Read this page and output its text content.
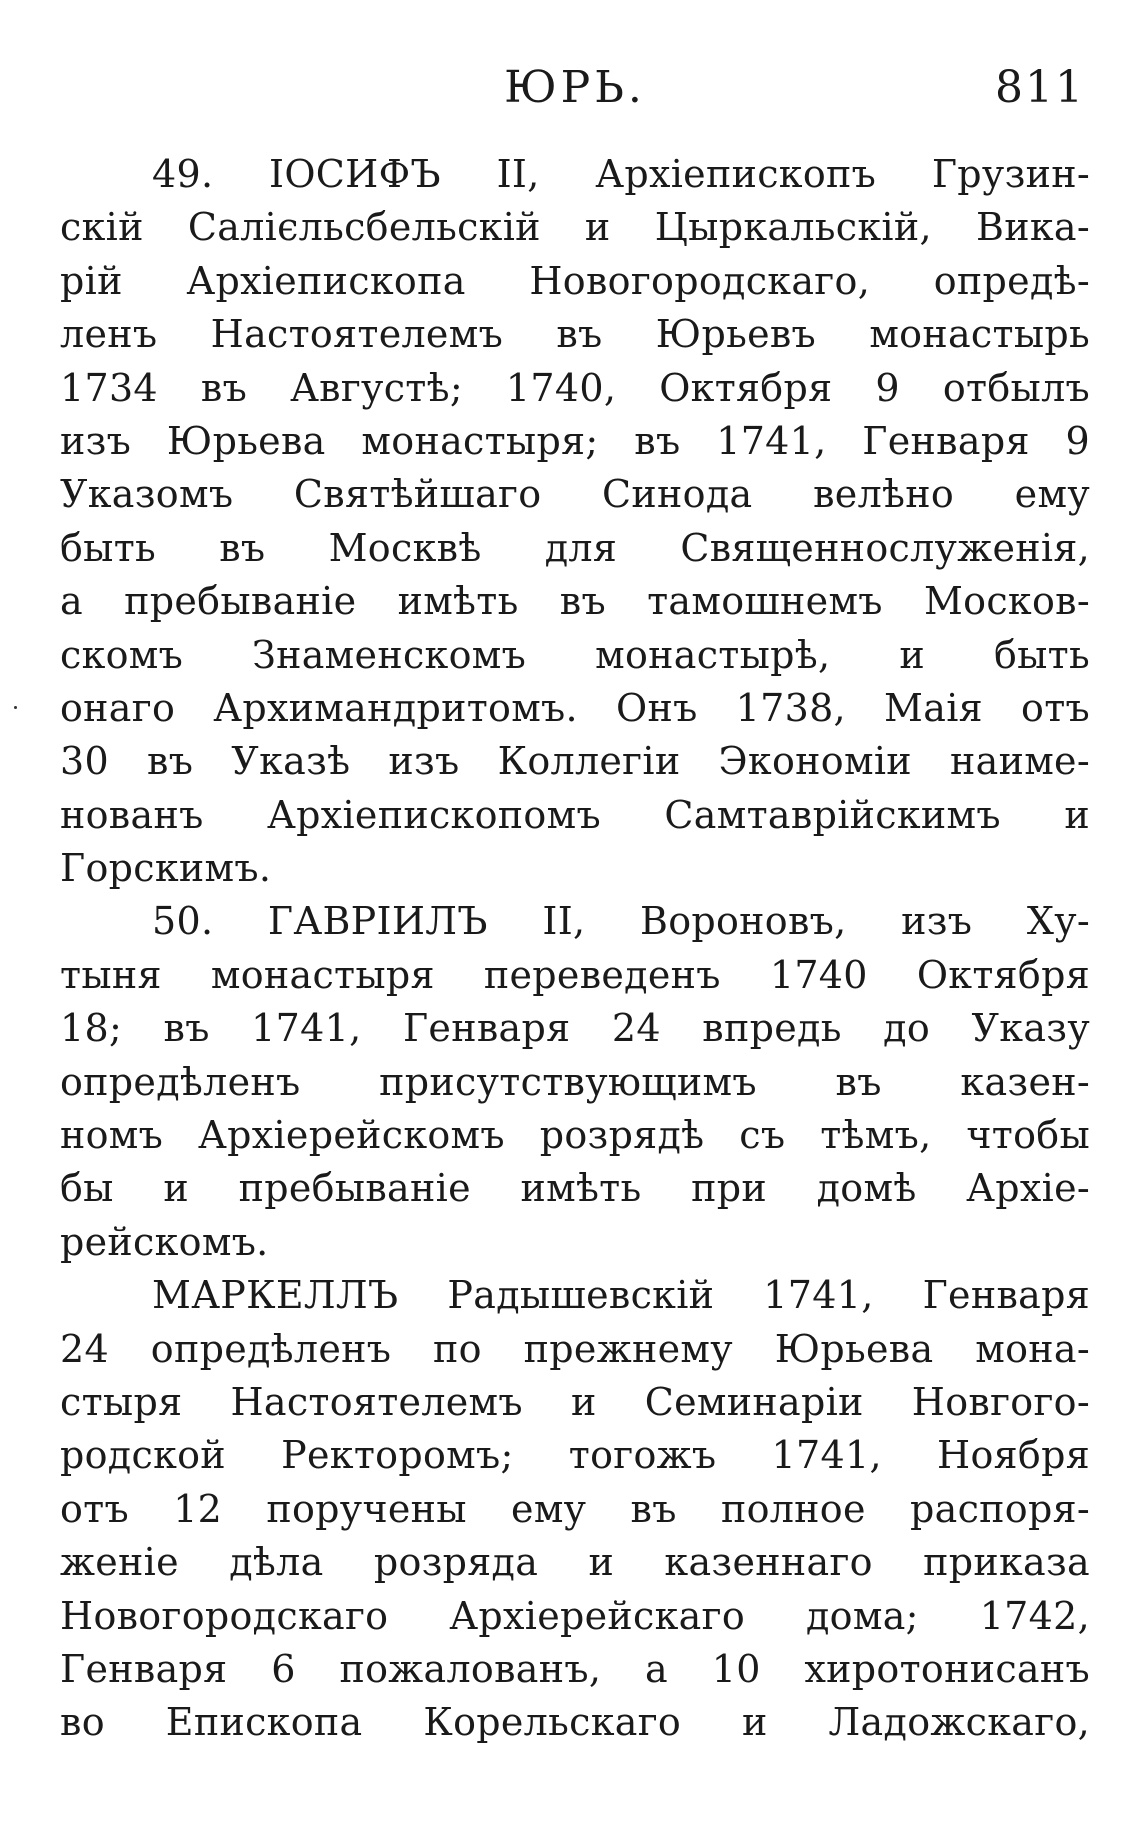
ЮРЬ.	811
49. ІОСИФЪ ІІ, Архіепископъ Грузин-
скій Салієльсбельскій и Цыркальскій, Вика-
рій Архіепископа Новогородскаго, опредѣ-
ленъ Настоятелемъ въ Юрьевъ монастырь
1734 въ Августѣ; 1740, Октября 9 отбылъ
изъ Юрьева монастыря; въ 1741, Генваря 9
Указомъ Святѣйшаго Синода велѣно ему
быть въ Москвѣ для Священнослуженія,
а пребываніе имѣть въ тамошнемъ Москов-
скомъ Знаменскомъ монастырѣ, и быть
онаго Архимандритомъ. Онъ 1738, Маія отъ
30 въ Указѣ изъ Коллегіи Экономіи наиме-
нованъ Архіепископомъ Самтаврійскимъ и
Горскимъ.
50. ГАВРІИЛЪ ІІ, Вороновъ, изъ Ху-
тыня монастыря переведенъ 1740 Октября
18; въ 1741, Генваря 24 впредь до Указу
опредѣленъ присутствующимъ въ казен-
номъ Архіерейскомъ розрядѣ съ тѣмъ, чтобы
бы и пребываніе имѣть при домѣ Архіе-
рейскомъ.
МАРКЕЛЛЪ Радышевскій 1741, Генваря
24 опредѣленъ по прежнему Юрьева мона-
стыря Настоятелемъ и Семинаріи Новгого-
родской Ректоромъ; тогожъ 1741, Ноября
отъ 12 поручены ему въ полное распоря-
женіе дѣла розряда и казеннаго приказа
Новогородскаго Архіерейскаго дома; 1742,
Генваря 6 пожалованъ, а 10 хиротонисанъ
во Епископа Корельскаго и Ладожскаго,
